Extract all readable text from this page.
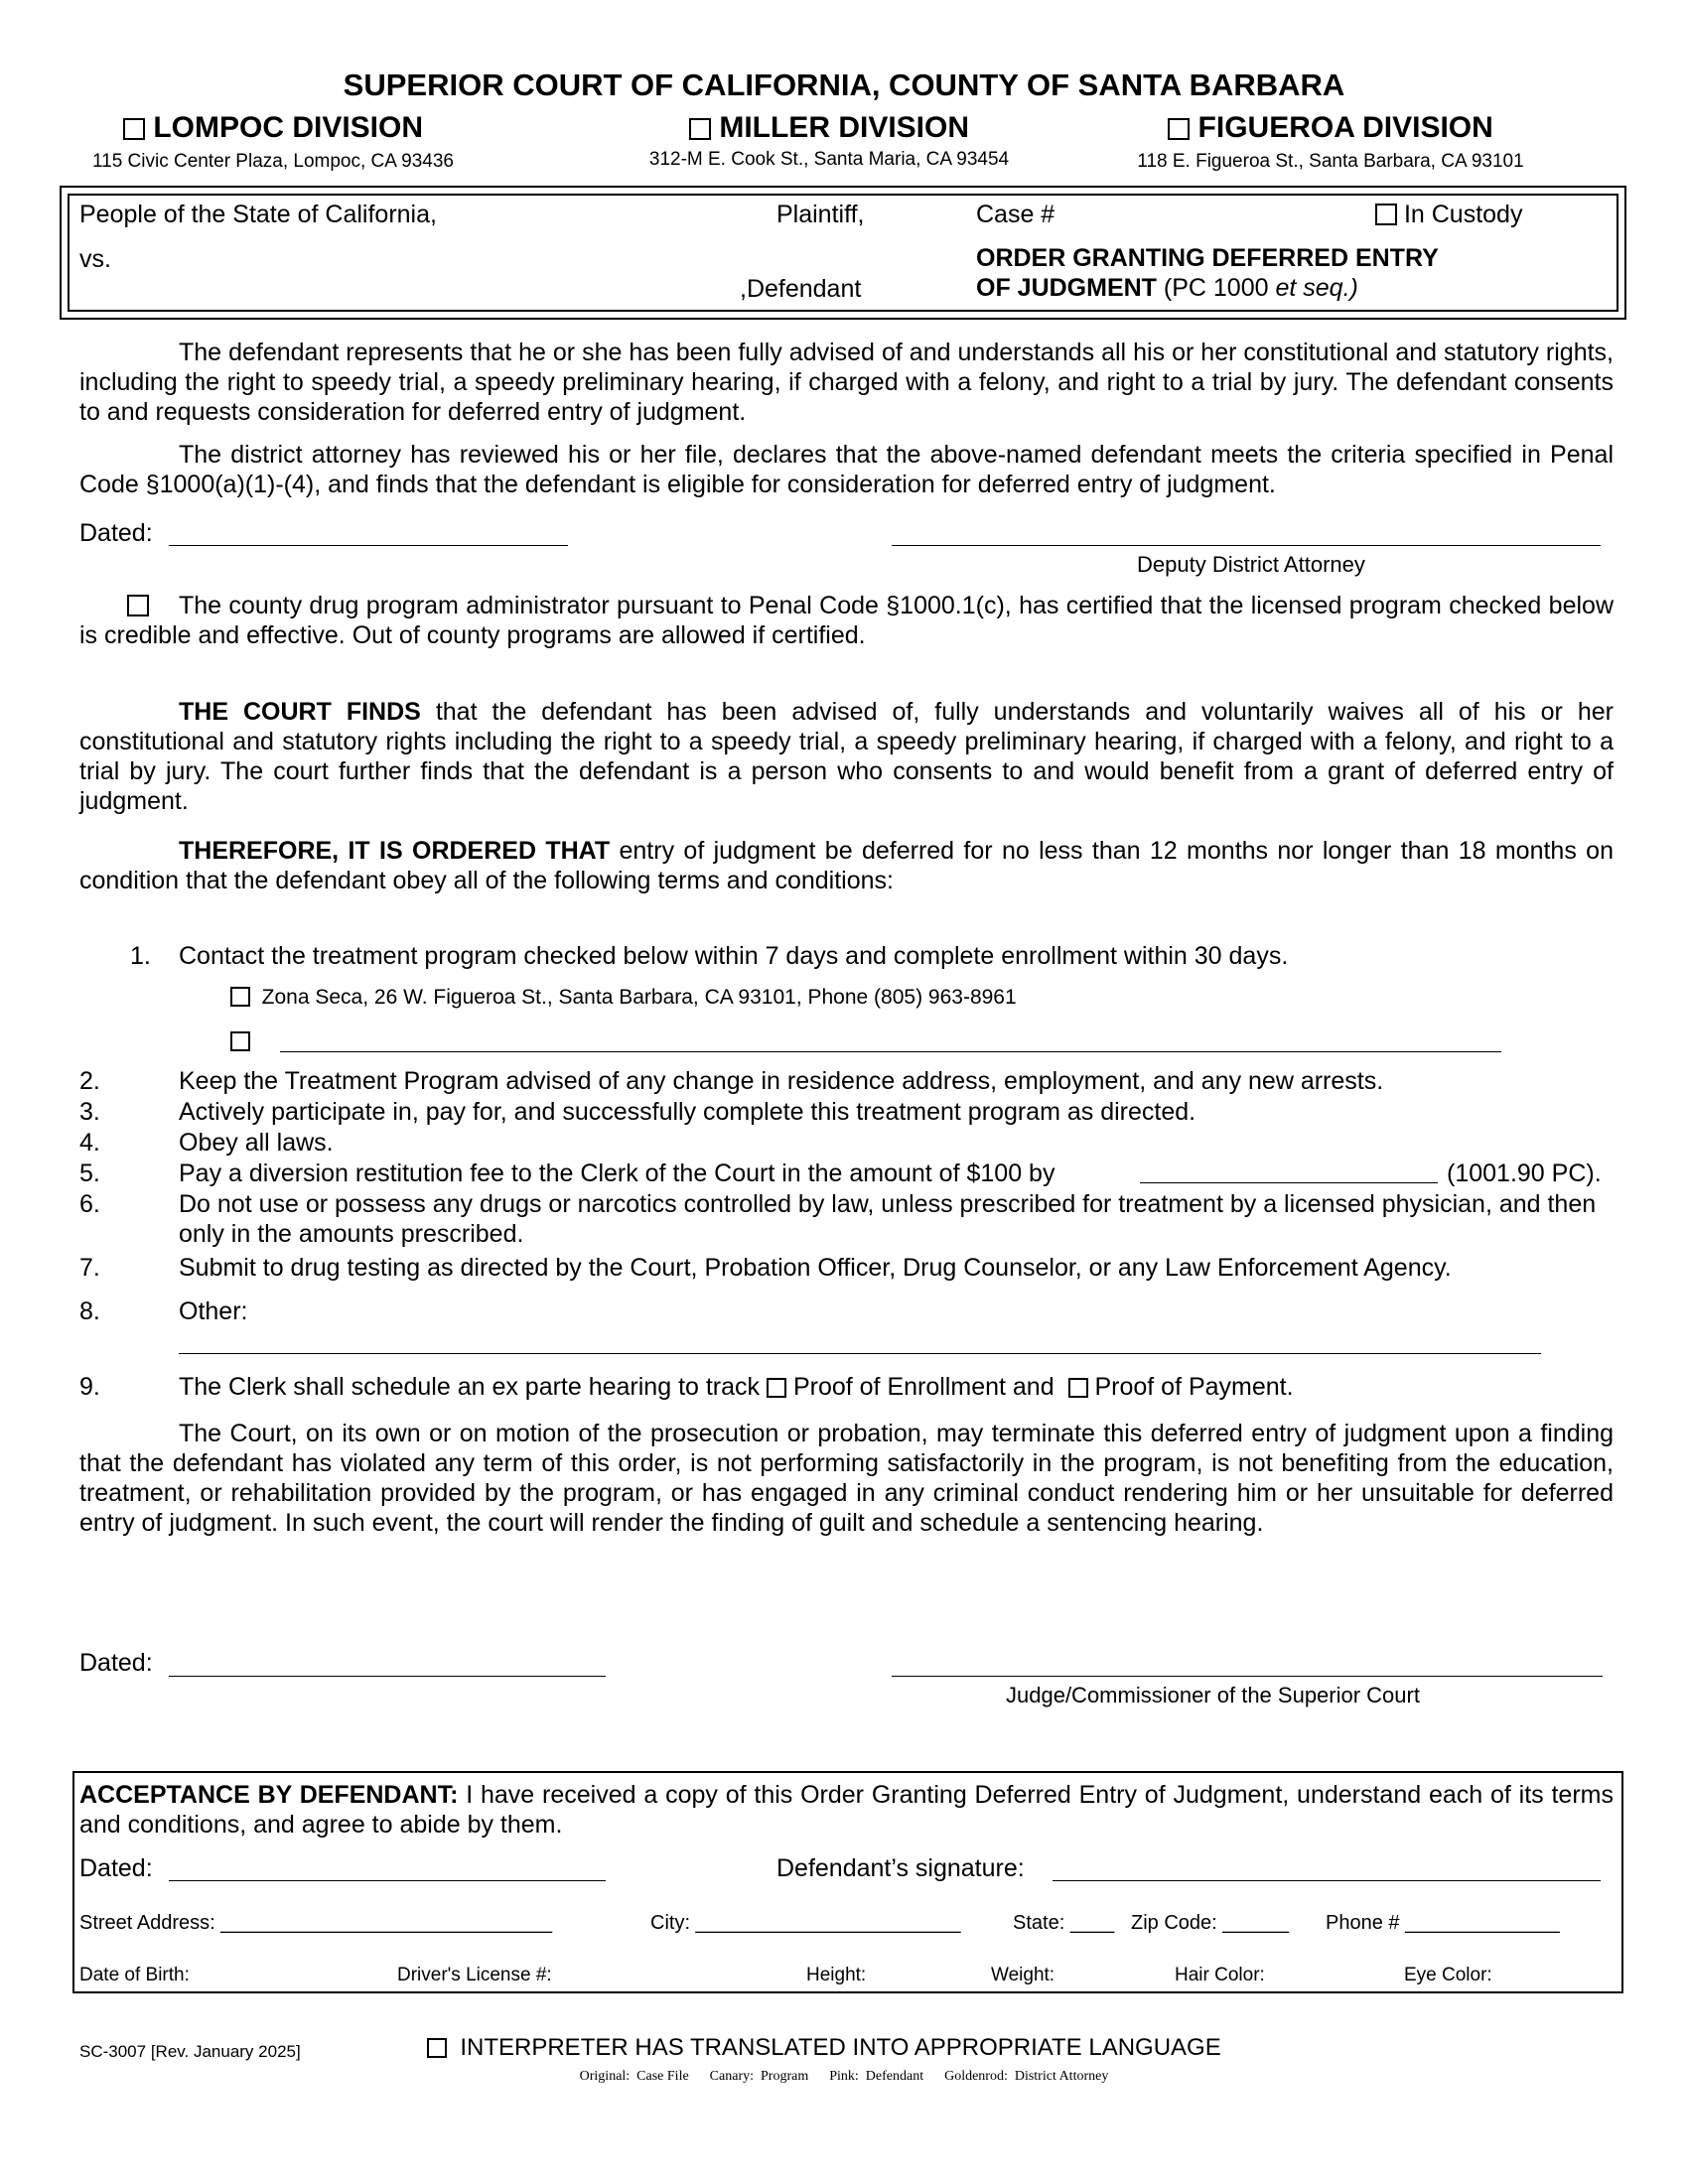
SUPERIOR COURT OF CALIFORNIA, COUNTY OF SANTA BARBARA
LOMPOC DIVISION
115 Civic Center Plaza, Lompoc, CA 93436
MILLER DIVISION
312-M E. Cook St., Santa Maria, CA 93454
FIGUEROA DIVISION
118 E. Figueroa St., Santa Barbara, CA 93101
People of the State of California,	Plaintiff,	Case #	In Custody
vs.
,Defendant
ORDER GRANTING DEFERRED ENTRY
OF JUDGMENT (PC 1000 et seq.)
The defendant represents that he or she has been fully advised of and understands all his or her constitutional and statutory rights, including the right to speedy trial, a speedy preliminary hearing, if charged with a felony, and right to a trial by jury. The defendant consents to and requests consideration for deferred entry of judgment.
The district attorney has reviewed his or her file, declares that the above-named defendant meets the criteria specified in Penal Code §1000(a)(1)-(4), and finds that the defendant is eligible for consideration for deferred entry of judgment.
Dated:
Deputy District Attorney
The county drug program administrator pursuant to Penal Code §1000.1(c), has certified that the licensed program checked below is credible and effective. Out of county programs are allowed if certified.
THE COURT FINDS that the defendant has been advised of, fully understands and voluntarily waives all of his or her constitutional and statutory rights including the right to a speedy trial, a speedy preliminary hearing, if charged with a felony, and right to a trial by jury. The court further finds that the defendant is a person who consents to and would benefit from a grant of deferred entry of judgment.
THEREFORE, IT IS ORDERED THAT entry of judgment be deferred for no less than 12 months nor longer than 18 months on condition that the defendant obey all of the following terms and conditions:
1. Contact the treatment program checked below within 7 days and complete enrollment within 30 days.
Zona Seca, 26 W. Figueroa St., Santa Barbara, CA 93101, Phone (805) 963-8961
2.	Keep the Treatment Program advised of any change in residence address, employment, and any new arrests.
3.	Actively participate in, pay for, and successfully complete this treatment program as directed.
4.	Obey all laws.
5.	Pay a diversion restitution fee to the Clerk of the Court in the amount of $100 by	(1001.90 PC).
6.	Do not use or possess any drugs or narcotics controlled by law, unless prescribed for treatment by a licensed physician, and then only in the amounts prescribed.
7.	Submit to drug testing as directed by the Court, Probation Officer, Drug Counselor, or any Law Enforcement Agency.
8.	Other:
9.	The Clerk shall schedule an ex parte hearing to track Proof of Enrollment and Proof of Payment.
The Court, on its own or on motion of the prosecution or probation, may terminate this deferred entry of judgment upon a finding that the defendant has violated any term of this order, is not performing satisfactorily in the program, is not benefiting from the education, treatment, or rehabilitation provided by the program, or has engaged in any criminal conduct rendering him or her unsuitable for deferred entry of judgment. In such event, the court will render the finding of guilt and schedule a sentencing hearing.
Dated:
Judge/Commissioner of the Superior Court
ACCEPTANCE BY DEFENDANT: I have received a copy of this Order Granting Deferred Entry of Judgment, understand each of its terms and conditions, and agree to abide by them.
Dated:	Defendant’s signature:
Street Address: ______________________________	City: ________________________	State: ____ Zip Code: ______ Phone # ______________
Date of Birth:	Driver's License #:	Height:	Weight:	Hair Color:	Eye Color:
SC-3007 [Rev. January 2025]	INTERPRETER HAS TRANSLATED INTO APPROPRIATE LANGUAGE
Original:  Case File      Canary:  Program      Pink:  Defendant      Goldenrod:  District Attorney
